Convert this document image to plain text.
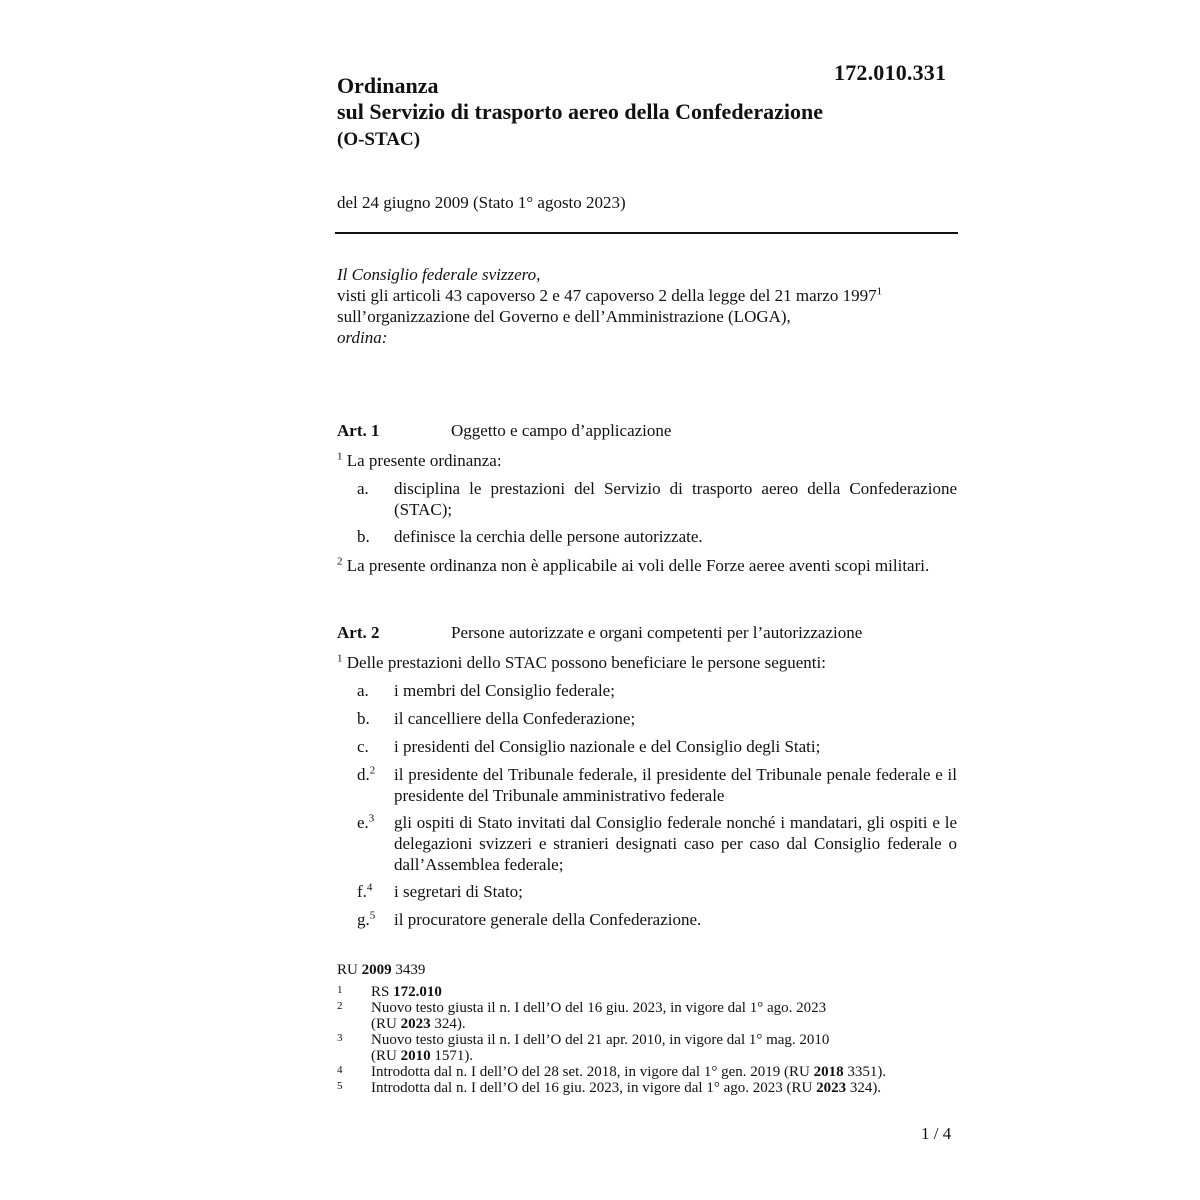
172.010.331
Ordinanza
sul Servizio di trasporto aereo della Confederazione
(O-STAC)
del 24 giugno 2009 (Stato 1° agosto 2023)
Il Consiglio federale svizzero,
visti gli articoli 43 capoverso 2 e 47 capoverso 2 della legge del 21 marzo 1997$^1$
sull’organizzazione del Governo e dell’Amministrazione (LOGA),
ordina:
Art. 1	Oggetto e campo d’applicazione
$^1$ La presente ordinanza:
a.	disciplina le prestazioni del Servizio di trasporto aereo della Confederazione (STAC);
b.	definisce la cerchia delle persone autorizzate.
$^2$ La presente ordinanza non è applicabile ai voli delle Forze aeree aventi scopi militari.
Art. 2	Persone autorizzate e organi competenti per l’autorizzazione
$^1$ Delle prestazioni dello STAC possono beneficiare le persone seguenti:
a.	i membri del Consiglio federale;
b.	il cancelliere della Confederazione;
c.	i presidenti del Consiglio nazionale e del Consiglio degli Stati;
d.$^2$	il presidente del Tribunale federale, il presidente del Tribunale penale federale e il presidente del Tribunale amministrativo federale
e.$^3$	gli ospiti di Stato invitati dal Consiglio federale nonché i mandatari, gli ospiti e le delegazioni svizzeri e stranieri designati caso per caso dal Consiglio federale o dall’Assemblea federale;
f.$^4$	i segretari di Stato;
g.$^5$	il procuratore generale della Confederazione.
RU 2009 3439
1 RS 172.010
2 Nuovo testo giusta il n. I dell’O del 16 giu. 2023, in vigore dal 1° ago. 2023
(RU 2023 324).
3 Nuovo testo giusta il n. I dell’O del 21 apr. 2010, in vigore dal 1° mag. 2010
(RU 2010 1571).
4 Introdotta dal n. I dell’O del 28 set. 2018, in vigore dal 1° gen. 2019 (RU 2018 3351).
5 Introdotta dal n. I dell’O del 16 giu. 2023, in vigore dal 1° ago. 2023 (RU 2023 324).
1 / 4
